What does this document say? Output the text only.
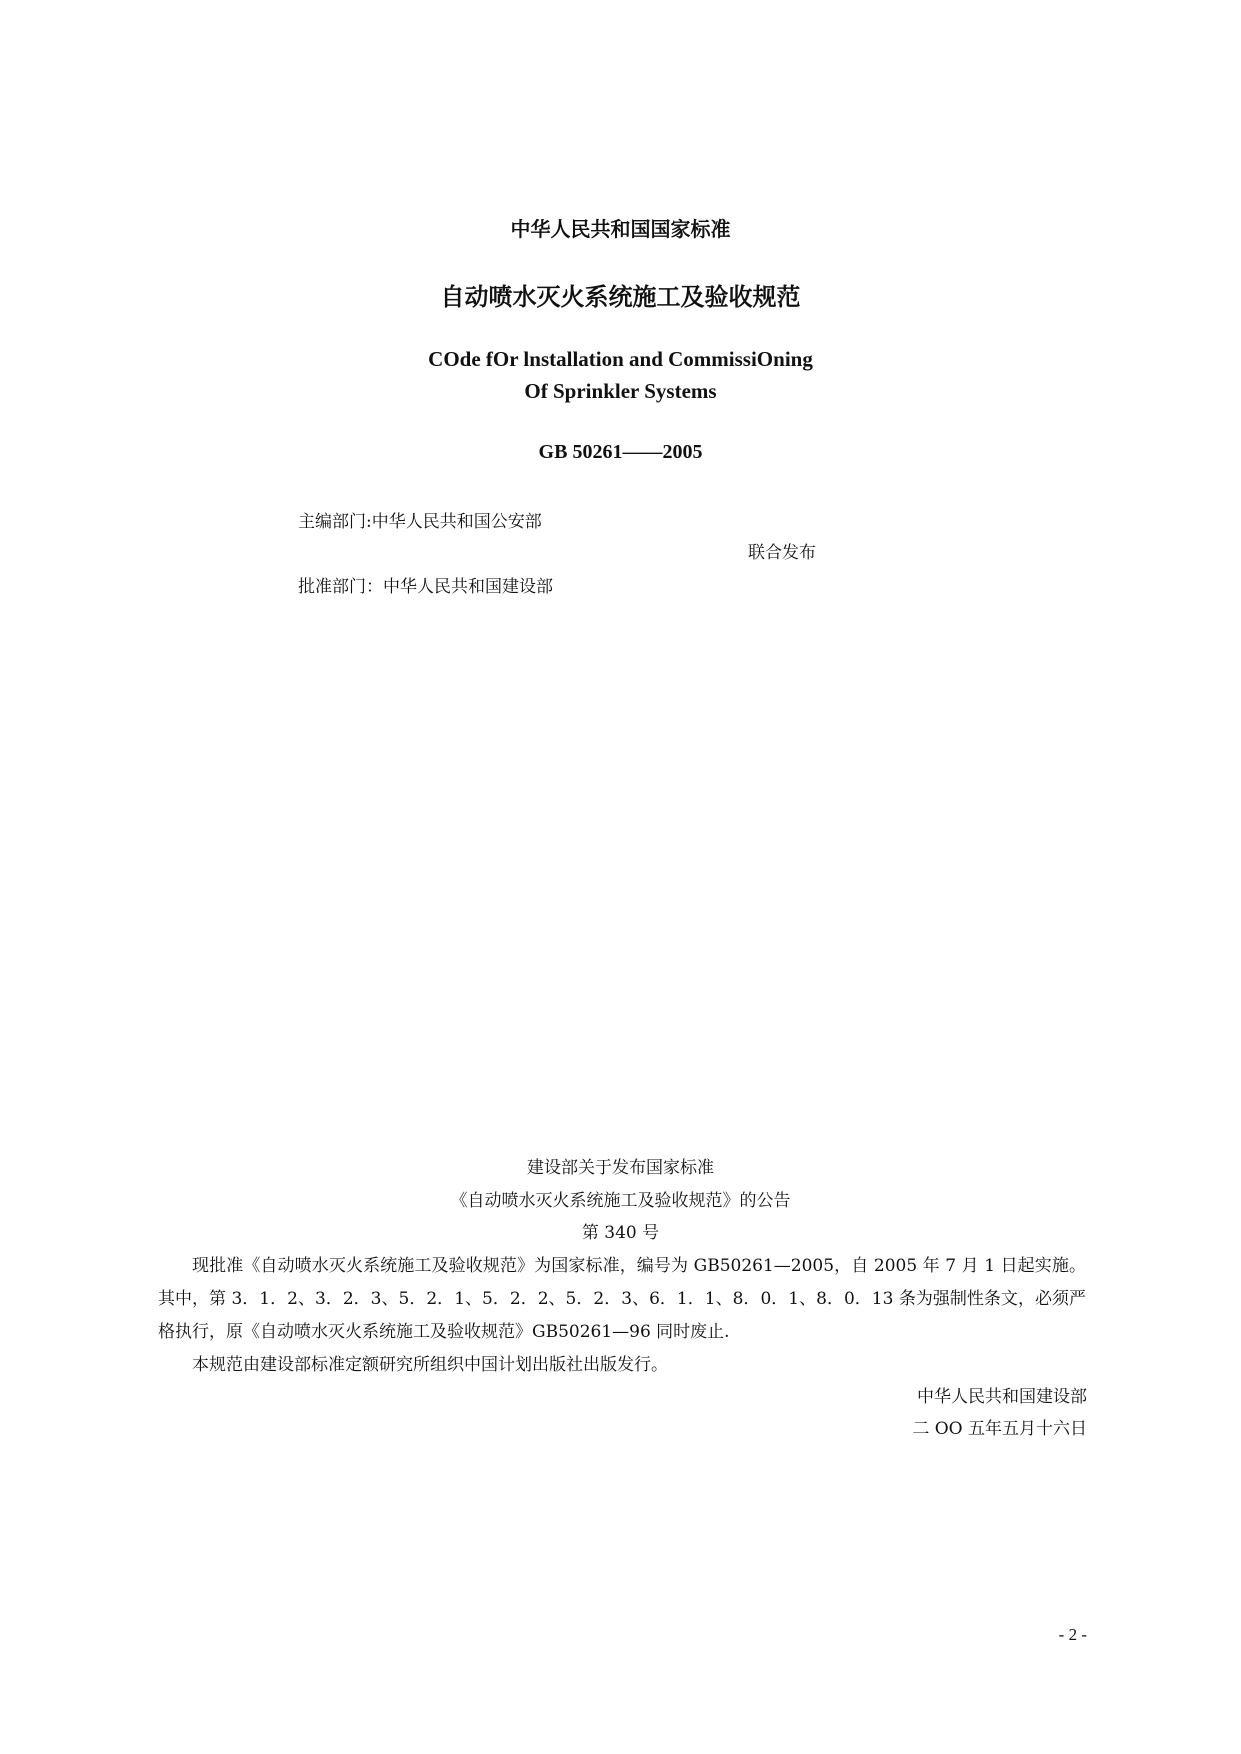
中华人民共和国国家标准
自动喷水灭火系统施工及验收规范
COde fOr lnstallation and CommissiOning
Of Sprinkler Systems
GB 50261——2005
主编部门:中华人民共和国公安部
联合发布
批准部门：中华人民共和国建设部
建设部关于发布国家标准
《自动喷水灭火系统施工及验收规范》的公告
第 340 号

现批准《自动喷水灭火系统施工及验收规范》为国家标准，编号为 GB50261—2005，自 2005 年 7 月 1 日起实施。其中，第 3．1．2、3．2．3、5．2．1、5．2．2、5．2．3、6．1．1、8．0．1、8．0．13 条为强制性条文，必须严格执行，原《自动喷水灭火系统施工及验收规范》GB50261—96 同时废止.

本规范由建设部标准定额研究所组织中国计划出版社出版发行。

中华人民共和国建设部
二 OO 五年五月十六日
- 2 -
